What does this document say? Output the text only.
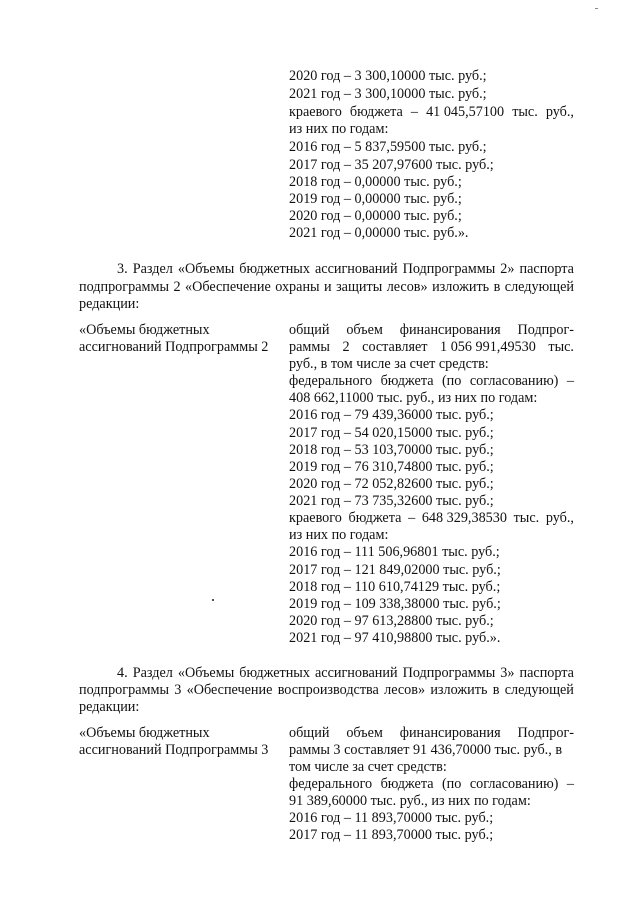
2020 год – 3 300,10000 тыс. руб.;
2021 год – 3 300,10000 тыс. руб.;
краевого бюджета – 41 045,57100 тыс. руб.,
из них по годам:
2016 год – 5 837,59500 тыс. руб.;
2017 год – 35 207,97600 тыс. руб.;
2018 год – 0,00000 тыс. руб.;
2019 год – 0,00000 тыс. руб.;
2020 год – 0,00000 тыс. руб.;
2021 год – 0,00000 тыс. руб.».
3. Раздел «Объемы бюджетных ассигнований Подпрограммы 2» паспорта
подпрограммы 2 «Обеспечение охраны и защиты лесов» изложить в следующей
редакции:
«Объемы бюджетных
ассигнований Подпрограммы 2
общий объем финансирования Подпрог-
раммы 2 составляет 1 056 991,49530 тыс.
руб., в том числе за счет средств:
федерального бюджета (по согласованию) –
408 662,11000 тыс. руб., из них по годам:
2016 год – 79 439,36000 тыс. руб.;
2017 год – 54 020,15000 тыс. руб.;
2018 год – 53 103,70000 тыс. руб.;
2019 год – 76 310,74800 тыс. руб.;
2020 год – 72 052,82600 тыс. руб.;
2021 год – 73 735,32600 тыс. руб.;
краевого бюджета – 648 329,38530 тыс. руб.,
из них по годам:
2016 год – 111 506,96801 тыс. руб.;
2017 год – 121 849,02000 тыс. руб.;
2018 год – 110 610,74129 тыс. руб.;
2019 год – 109 338,38000 тыс. руб.;
2020 год – 97 613,28800 тыс. руб.;
2021 год – 97 410,98800 тыс. руб.».
4. Раздел «Объемы бюджетных ассигнований Подпрограммы 3» паспорта
подпрограммы 3 «Обеспечение воспроизводства лесов» изложить в следующей
редакции:
«Объемы бюджетных
ассигнований Подпрограммы 3
общий объем финансирования Подпрог-
раммы 3 составляет 91 436,70000 тыс. руб., в
том числе за счет средств:
федерального бюджета (по согласованию) –
91 389,60000 тыс. руб., из них по годам:
2016 год – 11 893,70000 тыс. руб.;
2017 год – 11 893,70000 тыс. руб.;
